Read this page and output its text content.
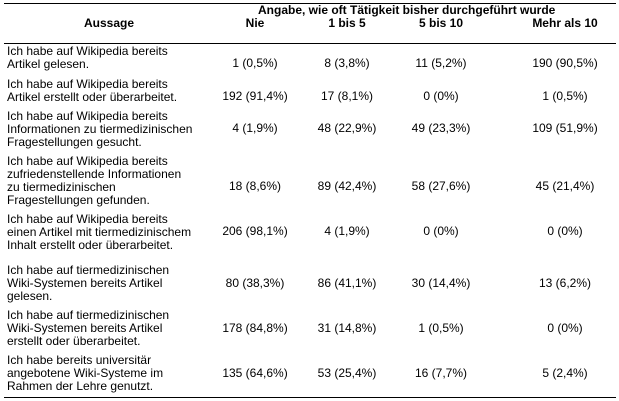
Aussage
Angabe, wie oft Tätigkeit bisher durchgeführt wurde
Nie	1 bis 5	5 bis 10	Mehr als 10
Ich habe auf Wikipedia bereits
Artikel gelesen.	1 (0,5%)	8 (3,8%)	11 (5,2%)	190 (90,5%)
Ich habe auf Wikipedia bereits
Artikel erstellt oder überarbeitet.	192 (91,4%)	17 (8,1%)	0 (0%)	1 (0,5%)
Ich habe auf Wikipedia bereits
Informationen zu tiermedizinischen
Fragestellungen gesucht.
4 (1,9%)	48 (22,9%)	49 (23,3%)	109 (51,9%)
Ich habe auf Wikipedia bereits
zufriedenstellende Informationen
zu tiermedizinischen
Fragestellungen gefunden.
18 (8,6%)	89 (42,4%)	58 (27,6%)	45 (21,4%)
Ich habe auf Wikipedia bereits
einen Artikel mit tiermedizinischem
Inhalt erstellt oder überarbeitet.
206 (98,1%)	4 (1,9%)	0 (0%)	0 (0%)
Ich habe auf tiermedizinischen
Wiki-Systemen bereits Artikel
gelesen.
80 (38,3%)	86 (41,1%)	30 (14,4%)	13 (6,2%)
Ich habe auf tiermedizinischen
Wiki-Systemen bereits Artikel
erstellt oder überarbeitet.
178 (84,8%)	31 (14,8%)	1 (0,5%)	0 (0%)
Ich habe bereits universitär
angebotene Wiki-Systeme im
Rahmen der Lehre genutzt.
135 (64,6%)	53 (25,4%)	16 (7,7%)	5 (2,4%)
